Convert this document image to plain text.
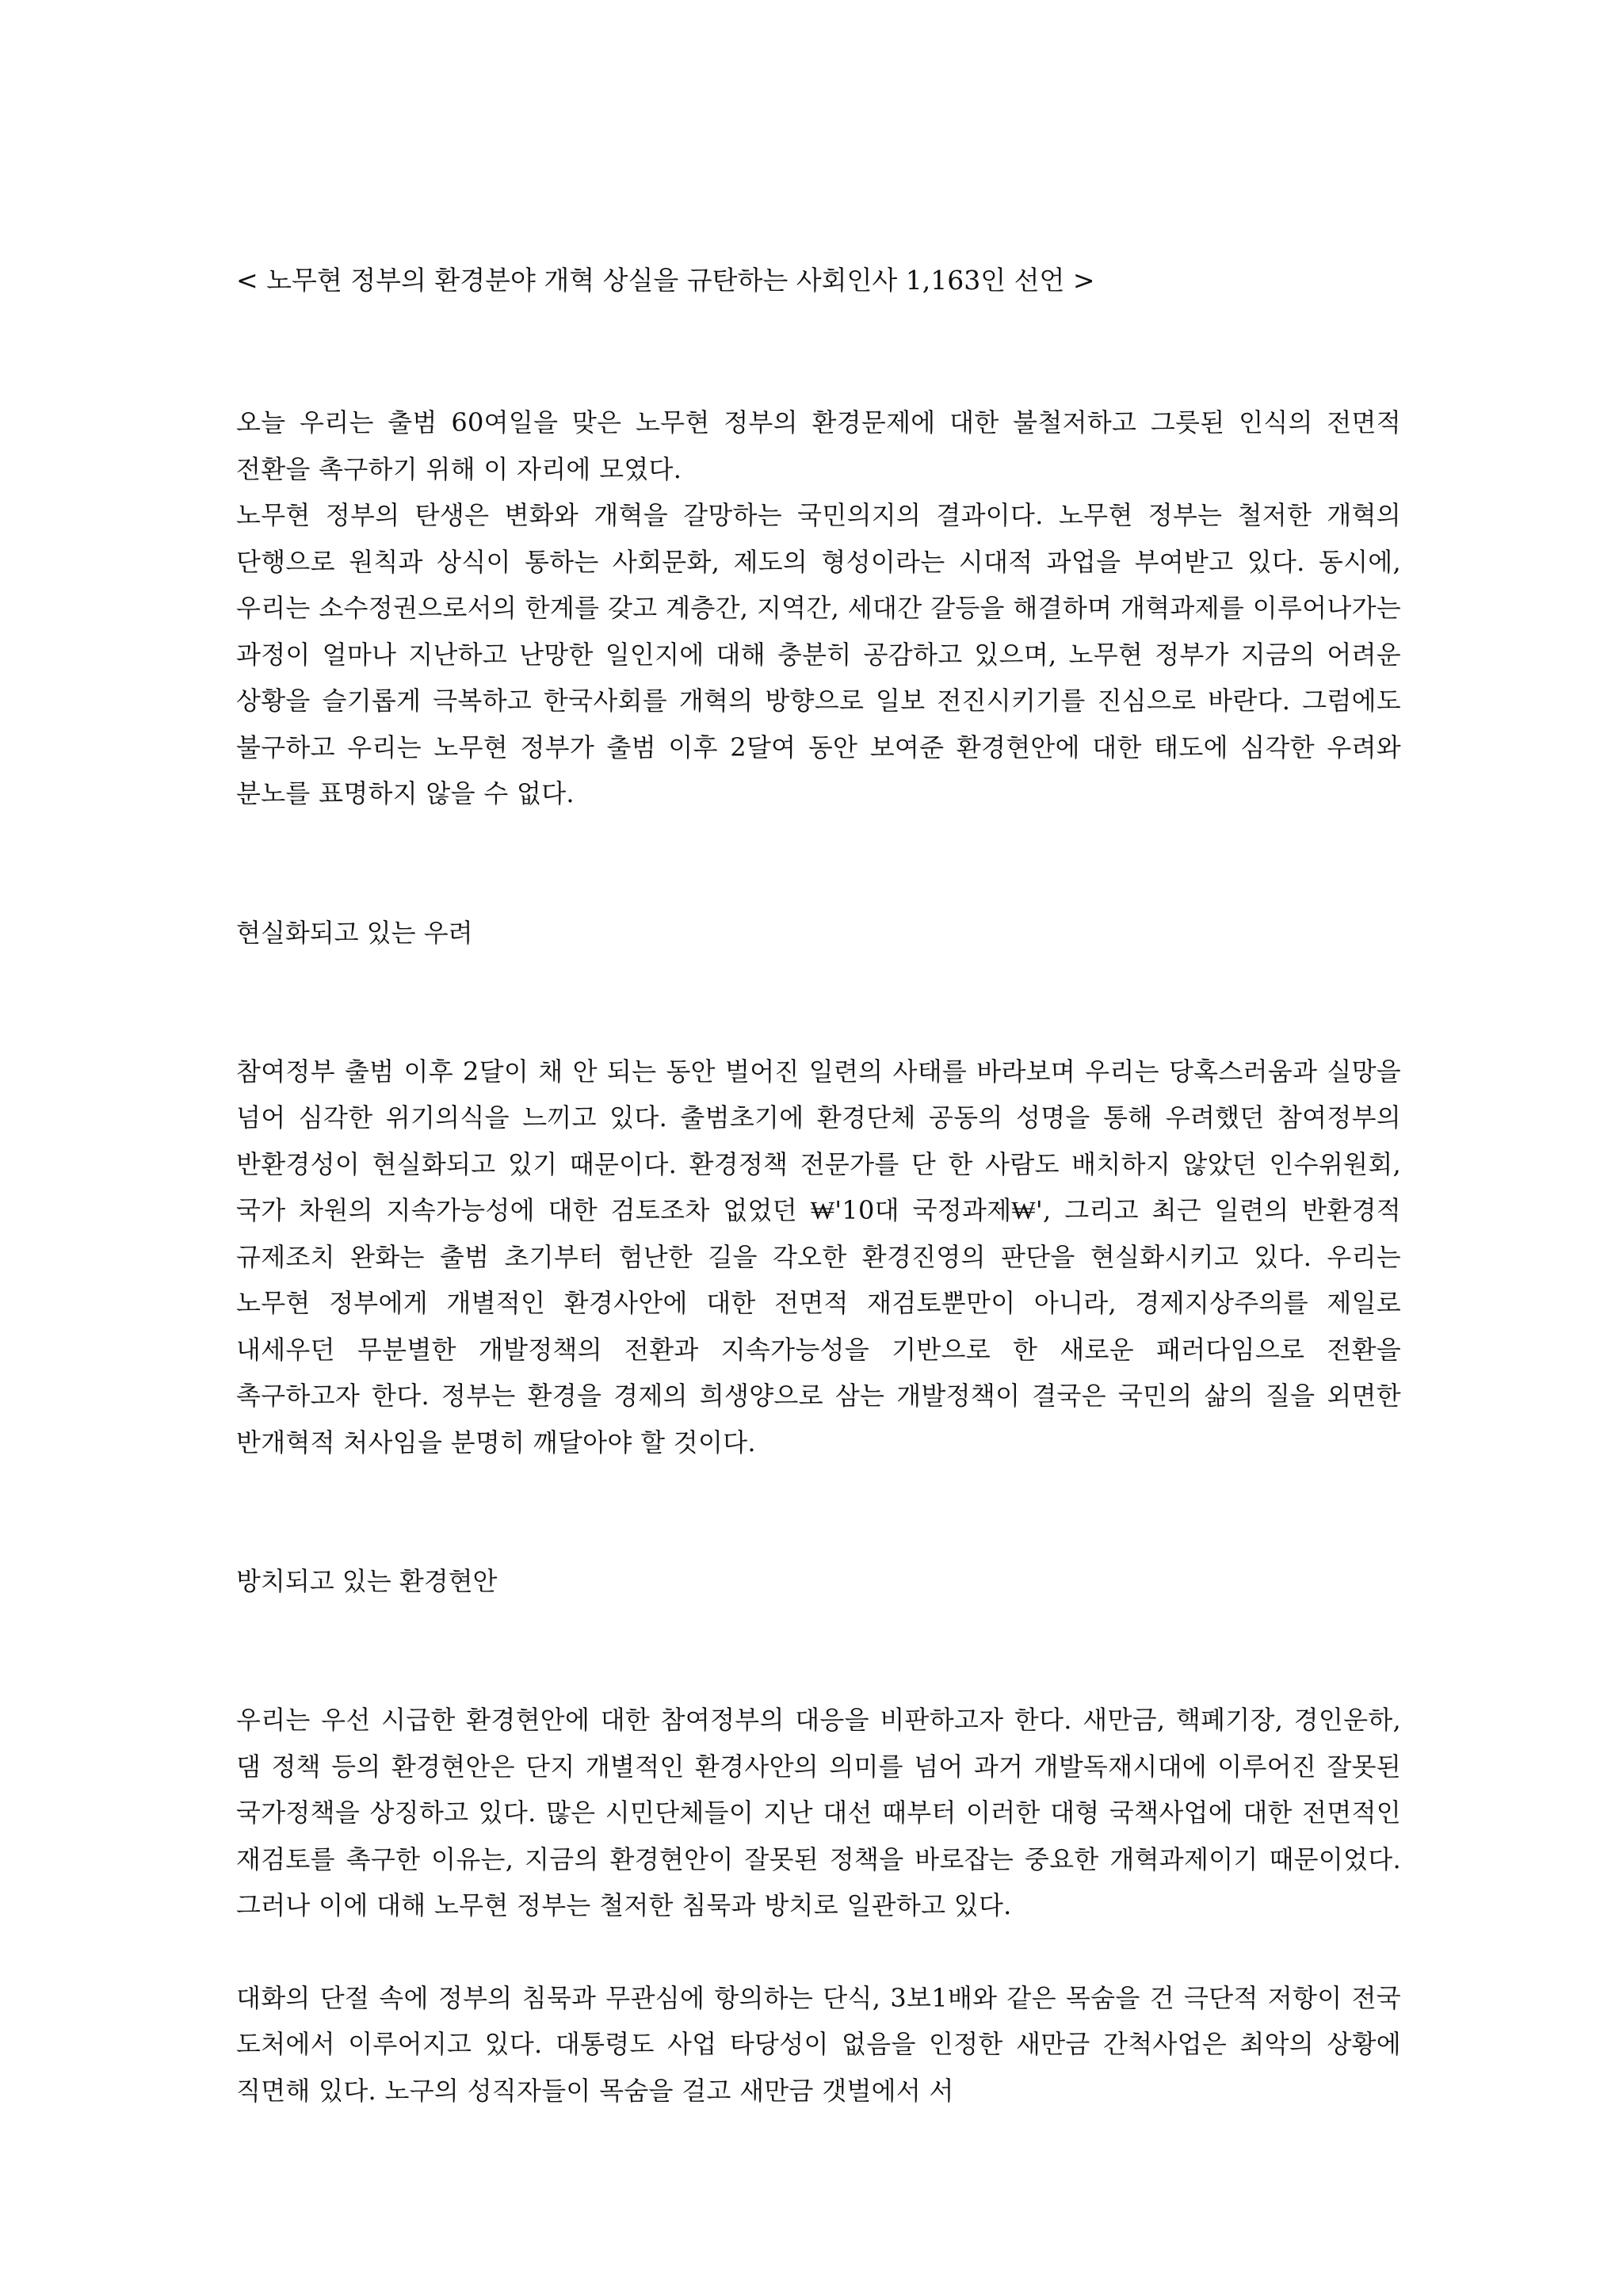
< 노무현 정부의 환경분야 개혁 상실을 규탄하는 사회인사 1,163인 선언 >

오늘 우리는 출범 60여일을 맞은 노무현 정부의 환경문제에 대한 불철저하고 그릇된 인식의 전면적 전환을 촉구하기 위해 이 자리에 모였다.

노무현 정부의 탄생은 변화와 개혁을 갈망하는 국민의지의 결과이다. 노무현 정부는 철저한 개혁의 단행으로 원칙과 상식이 통하는 사회문화, 제도의 형성이라는 시대적 과업을 부여받고 있다. 동시에, 우리는 소수정권으로서의 한계를 갖고 계층간, 지역간, 세대간 갈등을 해결하며 개혁과제를 이루어나가는 과정이 얼마나 지난하고 난망한 일인지에 대해 충분히 공감하고 있으며, 노무현 정부가 지금의 어려운 상황을 슬기롭게 극복하고 한국사회를 개혁의 방향으로 일보 전진시키기를 진심으로 바란다. 그럼에도 불구하고 우리는 노무현 정부가 출범 이후 2달여 동안 보여준 환경현안에 대한 태도에 심각한 우려와 분노를 표명하지 않을 수 없다.

현실화되고 있는 우려

참여정부 출범 이후 2달이 채 안 되는 동안 벌어진 일련의 사태를 바라보며 우리는 당혹스러움과 실망을 넘어 심각한 위기의식을 느끼고 있다. 출범초기에 환경단체 공동의 성명을 통해 우려했던 참여정부의 반환경성이 현실화되고 있기 때문이다. 환경정책 전문가를 단 한 사람도 배치하지 않았던 인수위원회, 국가 차원의 지속가능성에 대한 검토조차 없었던 ₩'10대 국정과제₩', 그리고 최근 일련의 반환경적 규제조치 완화는 출범 초기부터 험난한 길을 각오한 환경진영의 판단을 현실화시키고 있다. 우리는 노무현 정부에게 개별적인 환경사안에 대한 전면적 재검토뿐만이 아니라, 경제지상주의를 제일로 내세우던 무분별한 개발정책의 전환과 지속가능성을 기반으로 한 새로운 패러다임으로 전환을 촉구하고자 한다. 정부는 환경을 경제의 희생양으로 삼는 개발정책이 결국은 국민의 삶의 질을 외면한 반개혁적 처사임을 분명히 깨달아야 할 것이다.

방치되고 있는 환경현안

우리는 우선 시급한 환경현안에 대한 참여정부의 대응을 비판하고자 한다. 새만금, 핵폐기장, 경인운하, 댐 정책 등의 환경현안은 단지 개별적인 환경사안의 의미를 넘어 과거 개발독재시대에 이루어진 잘못된 국가정책을 상징하고 있다. 많은 시민단체들이 지난 대선 때부터 이러한 대형 국책사업에 대한 전면적인 재검토를 촉구한 이유는, 지금의 환경현안이 잘못된 정책을 바로잡는 중요한 개혁과제이기 때문이었다. 그러나 이에 대해 노무현 정부는 철저한 침묵과 방치로 일관하고 있다.

대화의 단절 속에 정부의 침묵과 무관심에 항의하는 단식, 3보1배와 같은 목숨을 건 극단적 저항이 전국 도처에서 이루어지고 있다. 대통령도 사업 타당성이 없음을 인정한 새만금 간척사업은 최악의 상황에 직면해 있다. 노구의 성직자들이 목숨을 걸고 새만금 갯벌에서 서
